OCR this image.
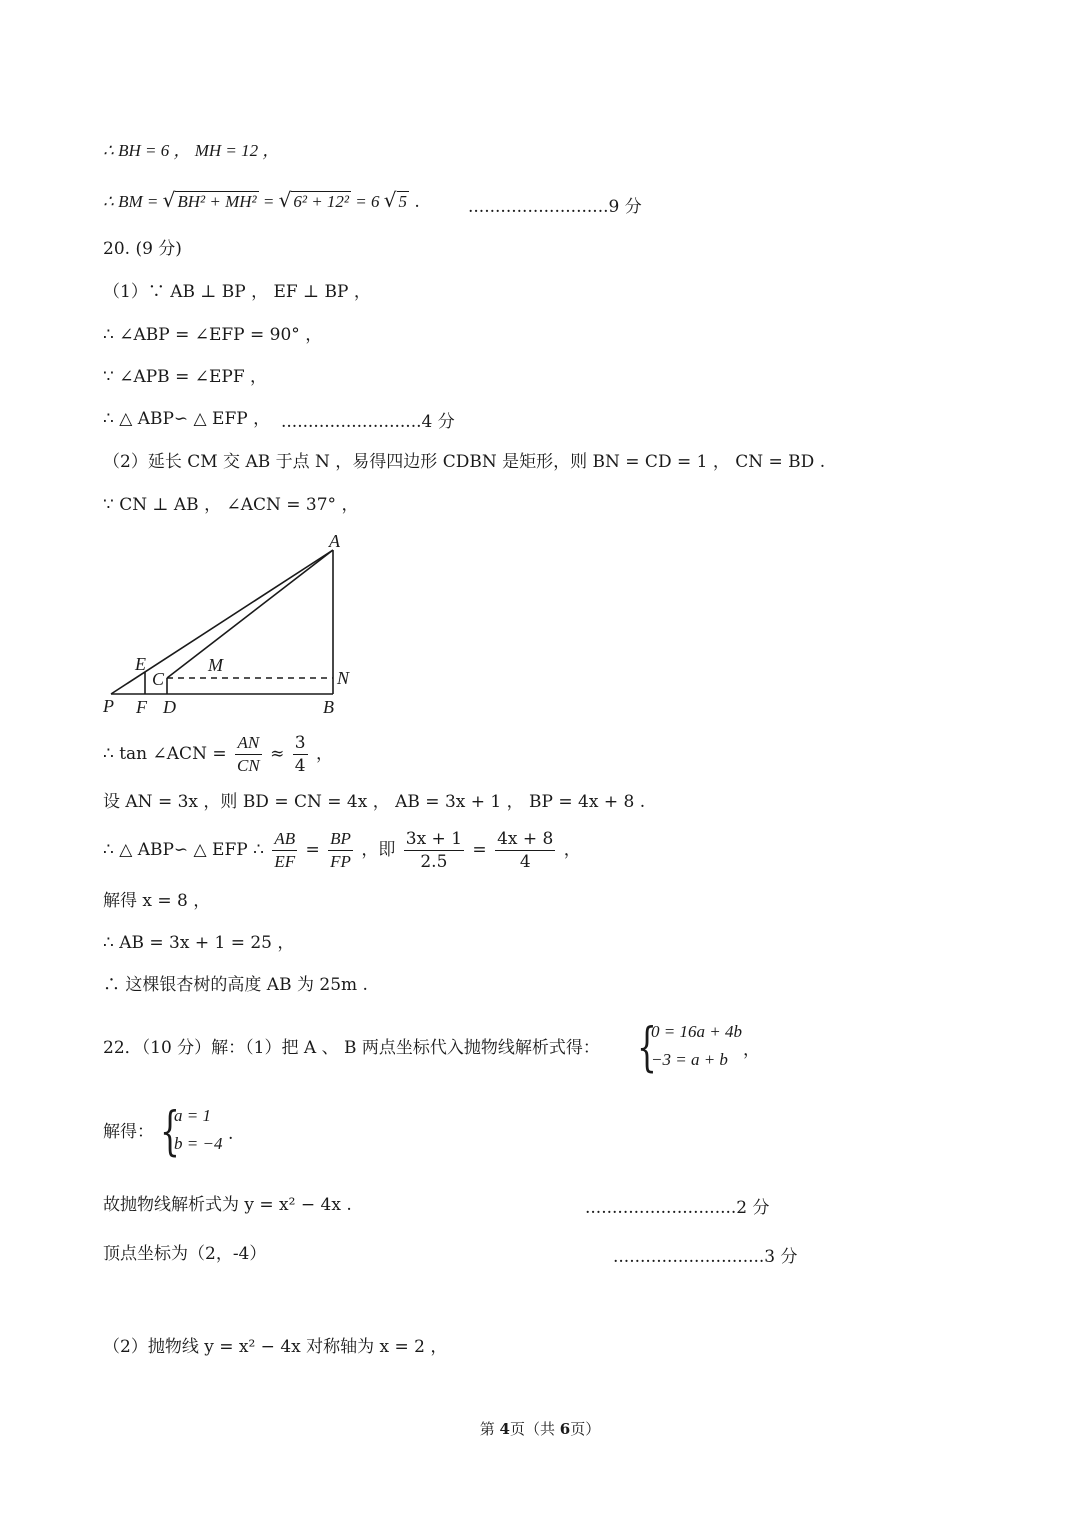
∴ BH = 6 ， MH = 12 ，
∴ BM = √ BH² + MH² = √ 6² + 12² = 6 √ 5 .	..........................9 分
20. (9 分)
（1）∵ AB ⊥ BP ， EF ⊥ BP ，
∴ ∠ABP = ∠EFP = 90° ，
∵ ∠APB = ∠EPF ，
∴ △ ABP∽ △ EFP ， ..........................4 分
（2）延长 CM 交 AB 于点 N ，易得四边形 CDBN 是矩形，则 BN = CD = 1 ， CN = BD .
∵ CN ⊥ AB ， ∠ACN = 37° ，
A
E	M
C	N
P F D	B
∴ tan ∠ACN = $\frac{AN}{CN} \approx \frac{3}{4}$ ，
设 AN = 3x ，则 BD = CN = 4x ， AB = 3x + 1 ， BP = 4x + 8 .
∴ △ ABP∽ △ EFP ∴ $\frac{AB}{EF} = \frac{BP}{FP}$ ，即 $\frac{3x + 1}{2.5} = \frac{4x + 8}{4}$ ，
解得 x = 8 ，
∴ AB = 3x + 1 = 25 ，
∴ 这棵银杏树的高度 AB 为 25m .
22．（10 分）解：（1）把 A 、 B 两点坐标代入抛物线解析式得： {
0 = 16a + 4b
−3 = a + b ，
解得： {
a = 1
b = −4 .
故抛物线解析式为 y = x² − 4x .	............................2 分
顶点坐标为（2，-4）	............................3 分
（2）抛物线 y = x² − 4x 对称轴为 x = 2 ，
第 4页（共 6页）
